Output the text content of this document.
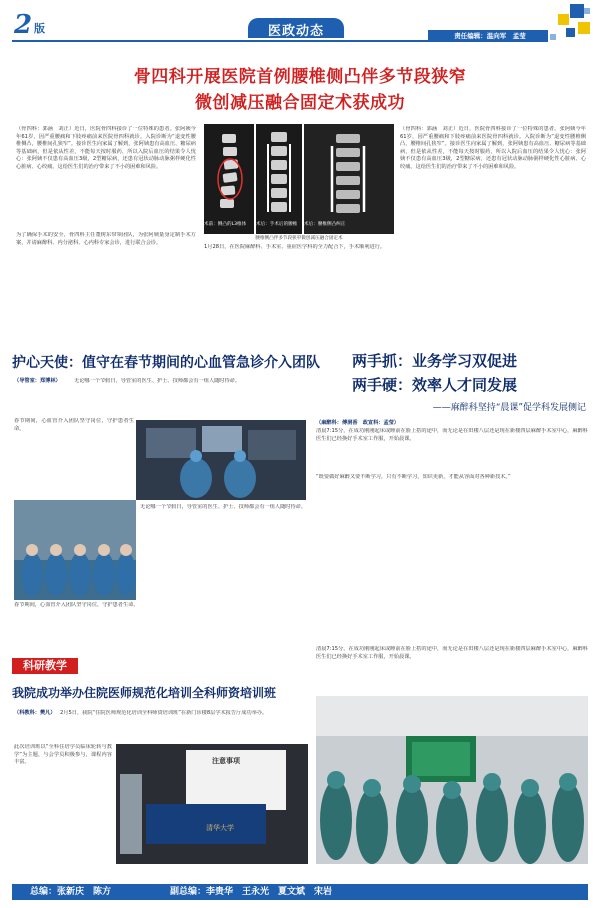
2 版	医政动态	责任编辑：温向军　孟莹
骨四科开展医院首例腰椎侧凸伴多节段狭窄
微创减压融合固定术获成功
（骨四科：郭涵　刘正）近日，医院骨四科接诊了一位特殊的患者。张阿姨今年61岁，因严重腰痛和下肢疼痛前来医院骨四科就诊。入院诊断为“退变性腰椎侧凸，腰椎间孔狭窄”。接诊医生向家属了解到，张阿姨患有高血压、糖尿病等基础病，但是依从性差，不能每天按时服药，所以入院后血压的结果令人忧心：张阿姨不仅患有高血压3级，2型糖尿病，还患有冠状动脉动脉粥样硬化性心脏病、心绞痛。这给医生们的治疗带来了不小的困难和风险。
为了确保手术的安全，骨四科主任董树东带领团队，为张阿姨量身定制手术方案，并请麻醉科、内分泌科、心内科专家会诊，进行联合会诊。
术前：侧凸的L3椎体	术后：手术后的腰椎	术后：腰椎侧凸纠正
腰椎侧凸伴多节段狭窄微创减压融合固定术
1月28日，在医院麻醉科、手术室、重症医学科的全力配合下，手术顺利进行。
（骨四科：郭涵　刘正）近日，医院骨四科接诊了一位特殊的患者。张阿姨今年61岁，因严重腰痛和下肢疼痛前来医院骨四科就诊。入院诊断为“退变性腰椎侧凸，腰椎间孔狭窄”。接诊医生向家属了解到，张阿姨患有高血压、糖尿病等基础病，但是依从性差，不能每天按时服药，所以入院后血压的结果令人忧心：张阿姨不仅患有高血压3级，2型糖尿病，还患有冠状动脉动脉粥样硬化性心脏病、心绞痛。这给医生们的治疗带来了不小的困难和风险。
护心天使：值守在春节期间的心血管急诊介入团队
（导管室：郑博林）	无论哪一个节假日，导管室的医生、护士、技师都会有一组人随时待命。
春节期间，心血管介入团队坚守岗位，守护患者生命。
无论哪一个节假日，导管室的医生、护士、技师都会有一组人随时待命。
春节期间，心血管介入团队坚守岗位，守护患者生命。
两手抓：业务学习双促进
两手硬：效率人才同发展
——麻醉科坚持“晨课”促学科发展侧记
（麻醉科：傅洞香　政宣科：孟莹）
清晨7:15分，在成功刚刚起床或睡前在脸上搭的途中，而无论是在田楼八层还是现在新楼四层麻醉手术室中心，麻醉科医生们已经换好手术室工作服，开始晨课。
“既要做好麻醉又要不断学习，只有不断学习，知识更新，才能从容面对各种新技术。”
清晨7:15分，在成功刚刚起床或睡前在脸上搭的途中，而无论是在田楼八层还是现在新楼四层麻醉手术室中心，麻醉科医生们已经换好手术室工作服，开始晨课。
科研教学
我院成功举办住院医师规范化培训全科师资培训班
（科教科：樊凡） 2月5日，我院“住院医师规范化培训全科师资培训班”在新门诊楼8层学术报告厅成功举办。
此次培训班以“全科住培学员临床轮转与教学”为主题，与会学员积极参与，课程内容丰富。
清华大学
注意事项
总编：张新庆　陈方	副总编：李贵华　王永光　夏文斌　宋岩
